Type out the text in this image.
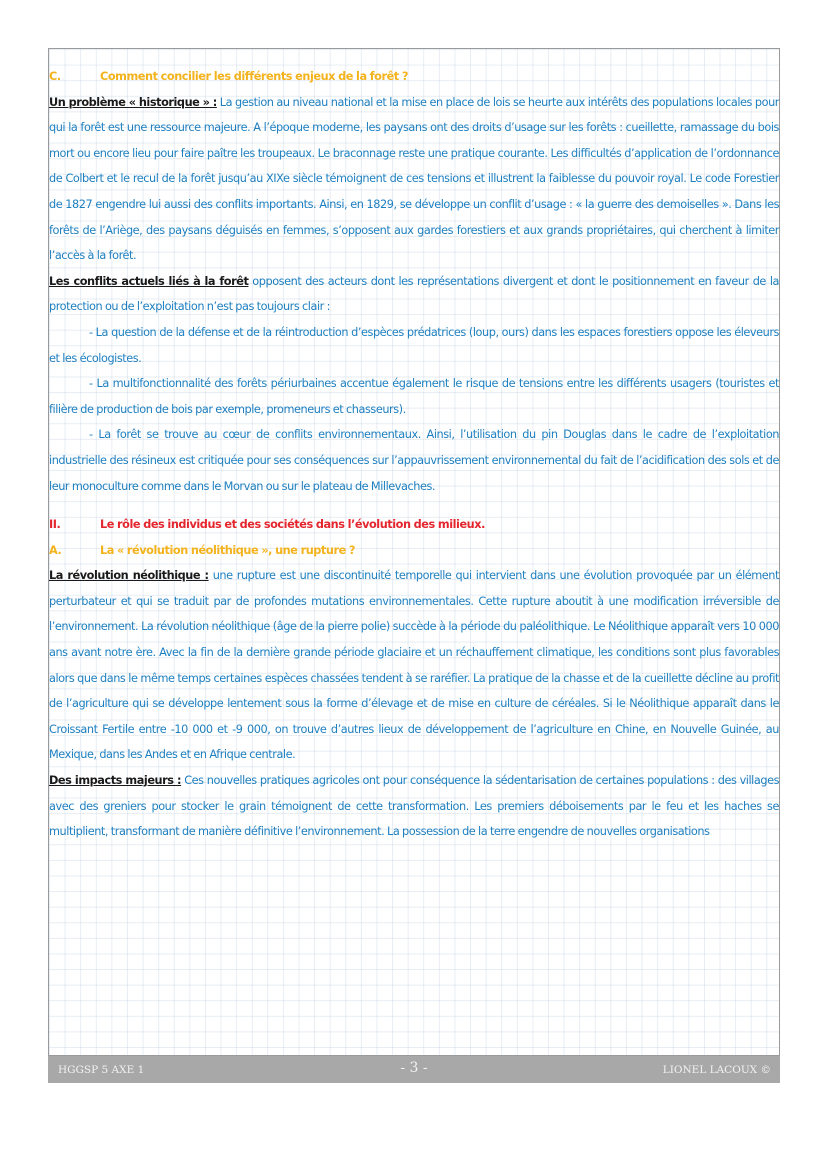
C.	Comment concilier les différents enjeux de la forêt ?

Un problème « historique » : La gestion au niveau national et la mise en place de lois se heurte aux intérêts des populations locales pour qui la forêt est une ressource majeure. A l’époque moderne, les paysans ont des droits d’usage sur les forêts : cueillette, ramassage du bois mort ou encore lieu pour faire paître les troupeaux. Le braconnage reste une pratique courante. Les difficultés d’application de l’ordonnance de Colbert et le recul de la forêt jusqu’au XIXe siècle témoignent de ces tensions et illustrent la faiblesse du pouvoir royal. Le code Forestier de 1827 engendre lui aussi des conflits importants. Ainsi, en 1829, se développe un conflit d’usage : « la guerre des demoiselles ». Dans les forêts de l’Ariège, des paysans déguisés en femmes, s’opposent aux gardes forestiers et aux grands propriétaires, qui cherchent à limiter l’accès à la forêt.

Les conflits actuels liés à la forêt opposent des acteurs dont les représentations divergent et dont le positionnement en faveur de la protection ou de l’exploitation n’est pas toujours clair :

- La question de la défense et de la réintroduction d’espèces prédatrices (loup, ours) dans les espaces forestiers oppose les éleveurs et les écologistes.

- La multifonctionnalité des forêts périurbaines accentue également le risque de tensions entre les différents usagers (touristes et filière de production de bois par exemple, promeneurs et chasseurs).

- La forêt se trouve au cœur de conflits environnementaux. Ainsi, l’utilisation du pin Douglas dans le cadre de l’exploitation industrielle des résineux est critiquée pour ses conséquences sur l’appauvrissement environnemental du fait de l’acidification des sols et de leur monoculture comme dans le Morvan ou sur le plateau de Millevaches.

II.	Le rôle des individus et des sociétés dans l’évolution des milieux.

A.	La « révolution néolithique », une rupture ?

La révolution néolithique : une rupture est une discontinuité temporelle qui intervient dans une évolution provoquée par un élément perturbateur et qui se traduit par de profondes mutations environnementales. Cette rupture aboutit à une modification irréversible de l’environnement. La révolution néolithique (âge de la pierre polie) succède à la période du paléolithique. Le Néolithique apparaît vers 10 000 ans avant notre ère. Avec la fin de la dernière grande période glaciaire et un réchauffement climatique, les conditions sont plus favorables alors que dans le même temps certaines espèces chassées tendent à se raréfier. La pratique de la chasse et de la cueillette décline au profit de l’agriculture qui se développe lentement sous la forme d’élevage et de mise en culture de céréales. Si le Néolithique apparaît dans le Croissant Fertile entre -10 000 et -9 000, on trouve d’autres lieux de développement de l’agriculture en Chine, en Nouvelle Guinée, au Mexique, dans les Andes et en Afrique centrale.

Des impacts majeurs : Ces nouvelles pratiques agricoles ont pour conséquence la sédentarisation de certaines populations : des villages avec des greniers pour stocker le grain témoignent de cette transformation. Les premiers déboisements par le feu et les haches se multiplient, transformant de manière définitive l’environnement. La possession de la terre engendre de nouvelles organisations

HGGSP 5 AXE 1	- 3 -	LIONEL LACOUX ©
